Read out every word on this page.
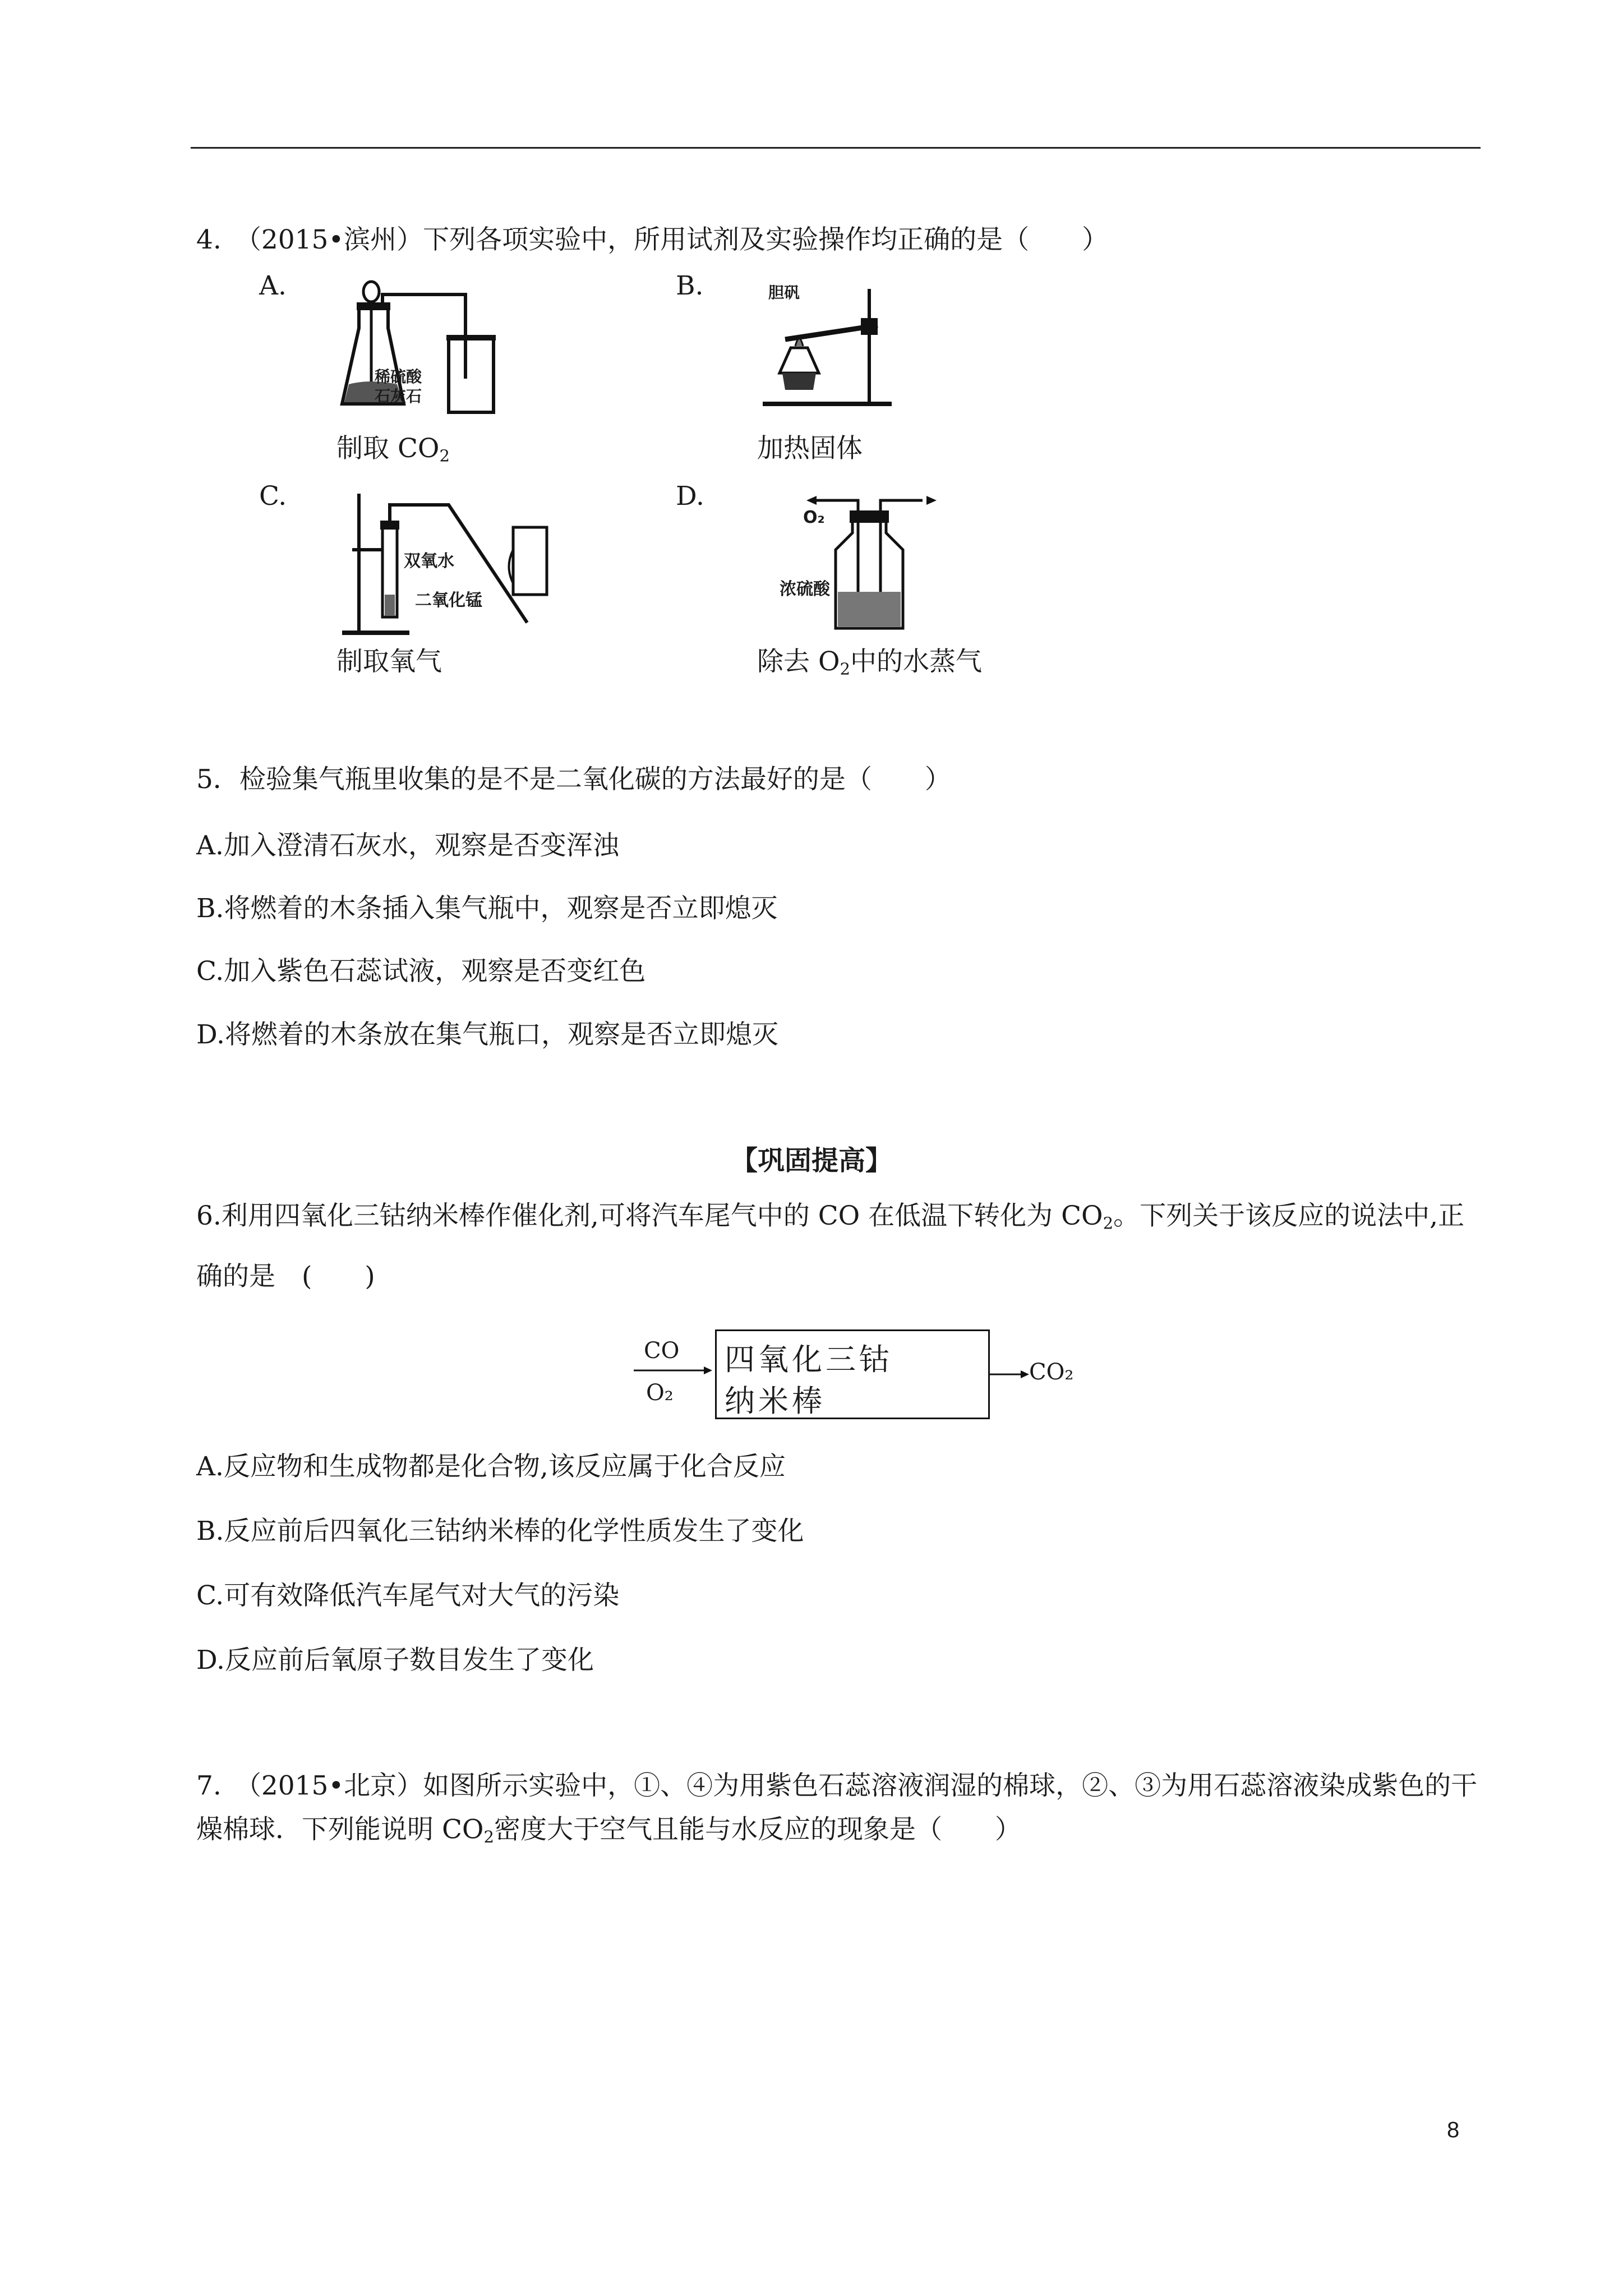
4. （2015•滨州）下列各项实验中，所用试剂及实验操作均正确的是（　　）
A.	B.
C.	D.
稀硫酸
石灰石
制取 $CO_2$
胆矾
加热固体
双氧水
二氧化锰
制取氧气
O₂
浓硫酸
除去 $O_2$中的水蒸气
5．检验集气瓶里收集的是不是二氧化碳的方法最好的是（　　）
A.加入澄清石灰水，观察是否变浑浊
B.将燃着的木条插入集气瓶中，观察是否立即熄灭
C.加入紫色石蕊试液，观察是否变红色
D.将燃着的木条放在集气瓶口，观察是否立即熄灭
【巩固提高】
6.利用四氧化三钴纳米棒作催化剂,可将汽车尾气中的 CO 在低温下转化为 $CO_2$。下列关于该反应的说法中,正确的是　(　　)
CO
O₂
四氧化三钴
纳米棒
CO₂
A.反应物和生成物都是化合物,该反应属于化合反应
B.反应前后四氧化三钴纳米棒的化学性质发生了变化
C.可有效降低汽车尾气对大气的污染
D.反应前后氧原子数目发生了变化
7. （2015•北京）如图所示实验中，①、④为用紫色石蕊溶液润湿的棉球，②、③为用石蕊溶液染成紫色的干燥棉球．下列能说明 $CO_2$密度大于空气且能与水反应的现象是（　　）
8
